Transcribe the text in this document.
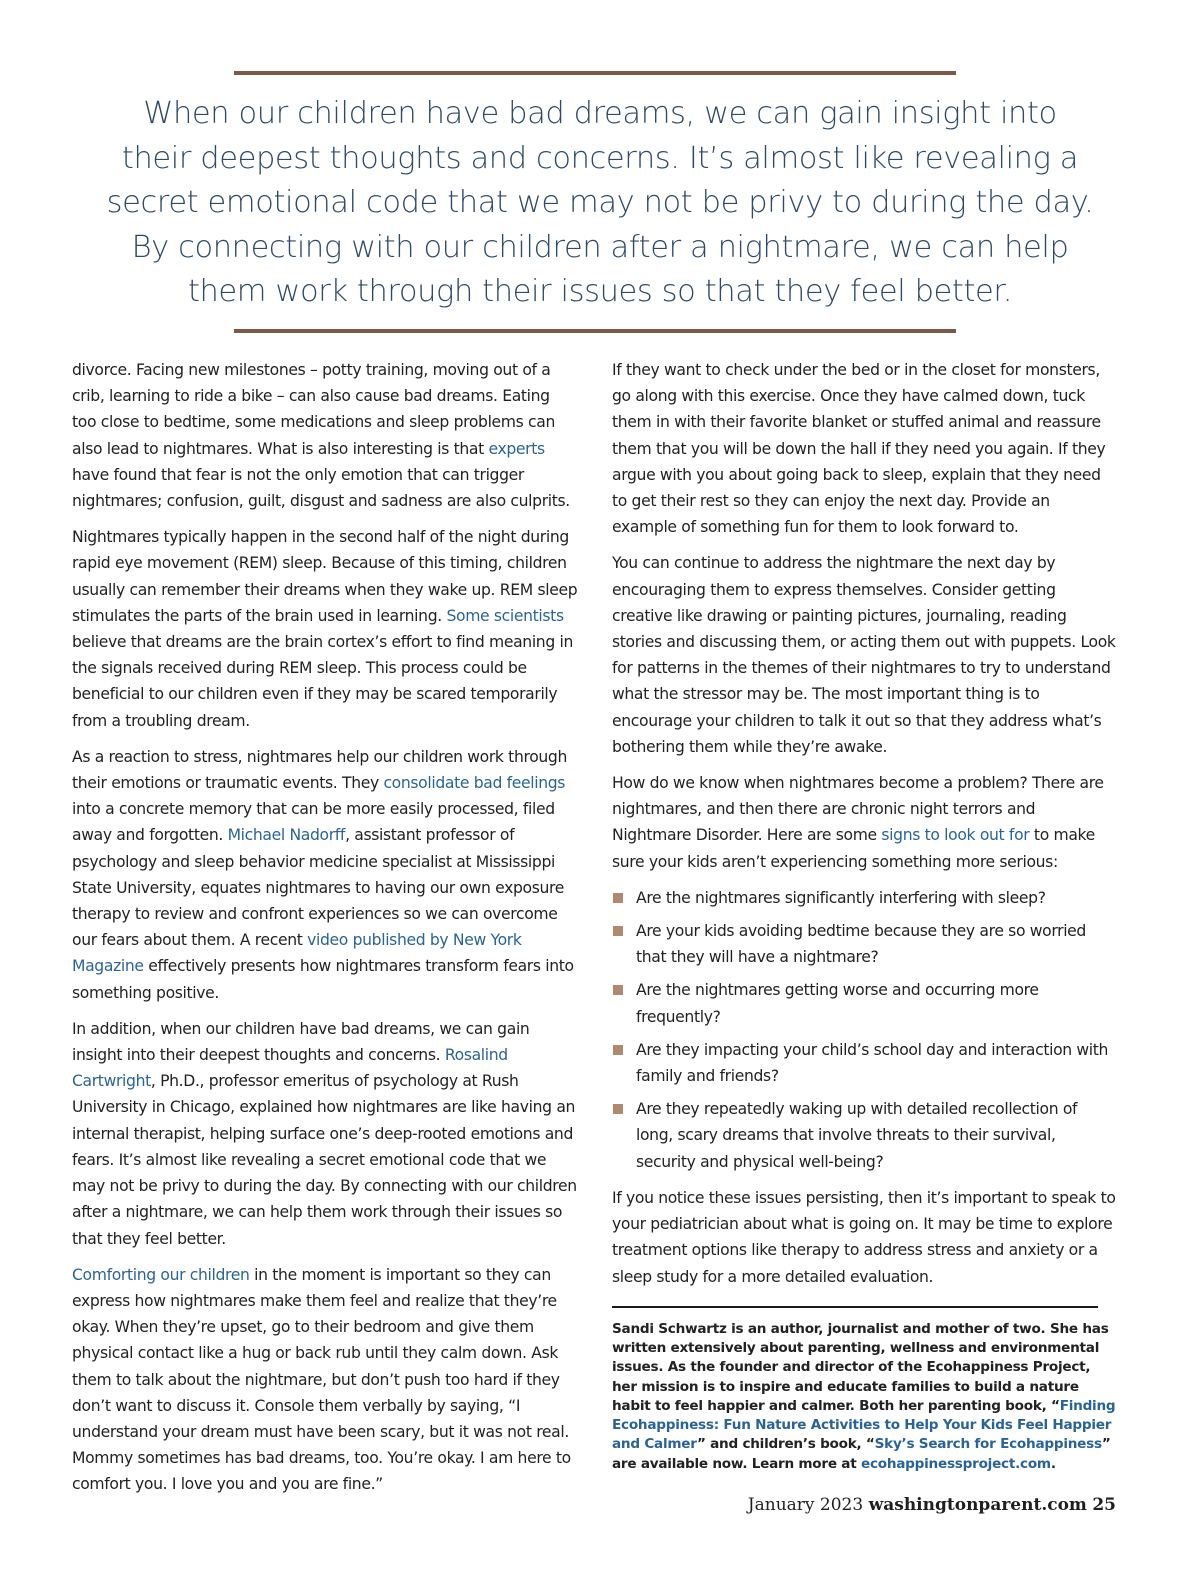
When our children have bad dreams, we can gain insight into
their deepest thoughts and concerns. It’s almost like revealing a
secret emotional code that we may not be privy to during the day.
By connecting with our children after a nightmare, we can help
them work through their issues so that they feel better.

divorce. Facing new milestones – potty training, moving out of a crib, learning to ride a bike – can also cause bad dreams. Eating too close to bedtime, some medications and sleep problems can also lead to nightmares. What is also interesting is that experts have found that fear is not the only emotion that can trigger nightmares; confusion, guilt, disgust and sadness are also culprits.

Nightmares typically happen in the second half of the night during rapid eye movement (REM) sleep. Because of this timing, children usually can remember their dreams when they wake up. REM sleep stimulates the parts of the brain used in learning. Some scientists believe that dreams are the brain cortex’s effort to find meaning in the signals received during REM sleep. This process could be beneficial to our children even if they may be scared temporarily from a troubling dream.

As a reaction to stress, nightmares help our children work through their emotions or traumatic events. They consolidate bad feelings into a concrete memory that can be more easily processed, filed away and forgotten. Michael Nadorff, assistant professor of psychology and sleep behavior medicine specialist at Mississippi State University, equates nightmares to having our own exposure therapy to review and confront experiences so we can overcome our fears about them. A recent video published by New York Magazine effectively presents how nightmares transform fears into something positive.

In addition, when our children have bad dreams, we can gain insight into their deepest thoughts and concerns. Rosalind Cartwright, Ph.D., professor emeritus of psychology at Rush University in Chicago, explained how nightmares are like having an internal therapist, helping surface one’s deep-rooted emotions and fears. It’s almost like revealing a secret emotional code that we may not be privy to during the day. By connecting with our children after a nightmare, we can help them work through their issues so that they feel better.

Comforting our children in the moment is important so they can express how nightmares make them feel and realize that they’re okay. When they’re upset, go to their bedroom and give them physical contact like a hug or back rub until they calm down. Ask them to talk about the nightmare, but don’t push too hard if they don’t want to discuss it. Console them verbally by saying, “I understand your dream must have been scary, but it was not real. Mommy sometimes has bad dreams, too. You’re okay. I am here to comfort you. I love you and you are fine.”

If they want to check under the bed or in the closet for monsters, go along with this exercise. Once they have calmed down, tuck them in with their favorite blanket or stuffed animal and reassure them that you will be down the hall if they need you again. If they argue with you about going back to sleep, explain that they need to get their rest so they can enjoy the next day. Provide an example of something fun for them to look forward to.

You can continue to address the nightmare the next day by encouraging them to express themselves. Consider getting creative like drawing or painting pictures, journaling, reading stories and discussing them, or acting them out with puppets. Look for patterns in the themes of their nightmares to try to understand what the stressor may be. The most important thing is to encourage your children to talk it out so that they address what’s bothering them while they’re awake.

How do we know when nightmares become a problem? There are nightmares, and then there are chronic night terrors and Nightmare Disorder. Here are some signs to look out for to make sure your kids aren’t experiencing something more serious:

Are the nightmares significantly interfering with sleep?
Are your kids avoiding bedtime because they are so worried that they will have a nightmare?
Are the nightmares getting worse and occurring more frequently?
Are they impacting your child’s school day and interaction with family and friends?
Are they repeatedly waking up with detailed recollection of long, scary dreams that involve threats to their survival, security and physical well-being?

If you notice these issues persisting, then it’s important to speak to your pediatrician about what is going on. It may be time to explore treatment options like therapy to address stress and anxiety or a sleep study for a more detailed evaluation.

Sandi Schwartz is an author, journalist and mother of two. She has written extensively about parenting, wellness and environmental issues. As the founder and director of the Ecohappiness Project, her mission is to inspire and educate families to build a nature habit to feel happier and calmer. Both her parenting book, “Finding Ecohappiness: Fun Nature Activities to Help Your Kids Feel Happier and Calmer” and children’s book, “Sky’s Search for Ecohappiness” are available now. Learn more at ecohappinessproject.com.

January 2023 washingtonparent.com 25
